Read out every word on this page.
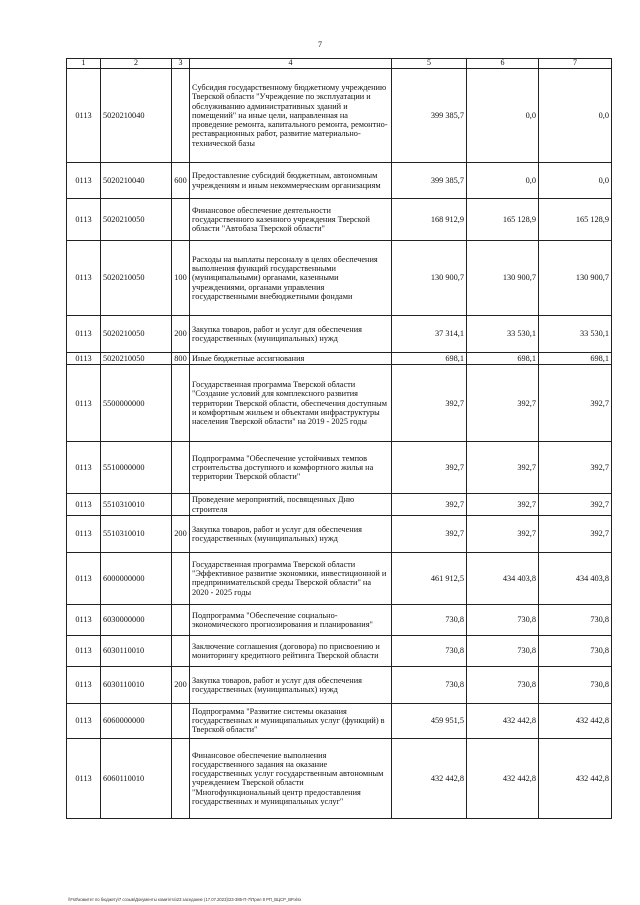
7
1	2	3	4	5	6	7
0113	5020210040		Субсидия государственному бюджетному учреждению Тверской области "Учреждение по эксплуатации и обслуживанию административных зданий и помещений" на иные цели, направленная на проведение ремонта, капитального ремонта, ремонтно-реставрационных работ, развитие материально-технической базы	399 385,7	0,0	0,0
0113	5020210040	600	Предоставление субсидий бюджетным, автономным учреждениям и иным некоммерческим организациям	399 385,7	0,0	0,0
0113	5020210050		Финансовое обеспечение деятельности государственного казенного учреждения Тверской области "Автобаза Тверской области"	168 912,9	165 128,9	165 128,9
0113	5020210050	100	Расходы на выплаты персоналу в целях обеспечения выполнения функций государственными (муниципальными) органами, казенными учреждениями, органами управления государственными внебюджетными фондами	130 900,7	130 900,7	130 900,7
0113	5020210050	200	Закупка товаров, работ и услуг для обеспечения государственных (муниципальных) нужд	37 314,1	33 530,1	33 530,1
0113	5020210050	800	Иные бюджетные ассигнования	698,1	698,1	698,1
0113	5500000000		Государственная программа Тверской области "Создание условий для комплексного развития территории Тверской области, обеспечения доступным и комфортным жильем и объектами инфраструктуры населения Тверской области" на 2019 - 2025 годы	392,7	392,7	392,7
0113	5510000000		Подпрограмма "Обеспечение устойчивых темпов строительства доступного и комфортного жилья на территории Тверской области"	392,7	392,7	392,7
0113	5510310010		Проведение мероприятий, посвященных Дню строителя	392,7	392,7	392,7
0113	5510310010	200	Закупка товаров, работ и услуг для обеспечения государственных (муниципальных) нужд	392,7	392,7	392,7
0113	6000000000		Государственная программа Тверской области "Эффективное развитие экономики, инвестиционной и предпринимательской среды Тверской области" на 2020 - 2025 годы	461 912,5	434 403,8	434 403,8
0113	6030000000		Подпрограмма "Обеспечение социально-экономического прогнозирования и планирования"	730,8	730,8	730,8
0113	6030110010		Заключение соглашения (договора) по присвоению и мониторингу кредитного рейтинга Тверской области	730,8	730,8	730,8
0113	6030110010	200	Закупка товаров, работ и услуг для обеспечения государственных (муниципальных) нужд	730,8	730,8	730,8
0113	6060000000		Подпрограмма "Развитие системы оказания государственных и муниципальных услуг (функций) в Тверской области"	459 951,5	432 442,8	432 442,8
0113	6060110010		Финансовое обеспечение выполнения государственного задания на оказание государственных услуг государственным автономным учреждением Тверской области "Многофункциональный центр предоставления государственных и муниципальных услуг"	432 442,8	432 442,8	432 442,8
\\Fs0\комитет по бюджету\7 созыв\Документы комитета\23 заседание (17.07.2023)\23-385-П-7\Прил 8 РП_ВЦСР_ВР.xlsx
